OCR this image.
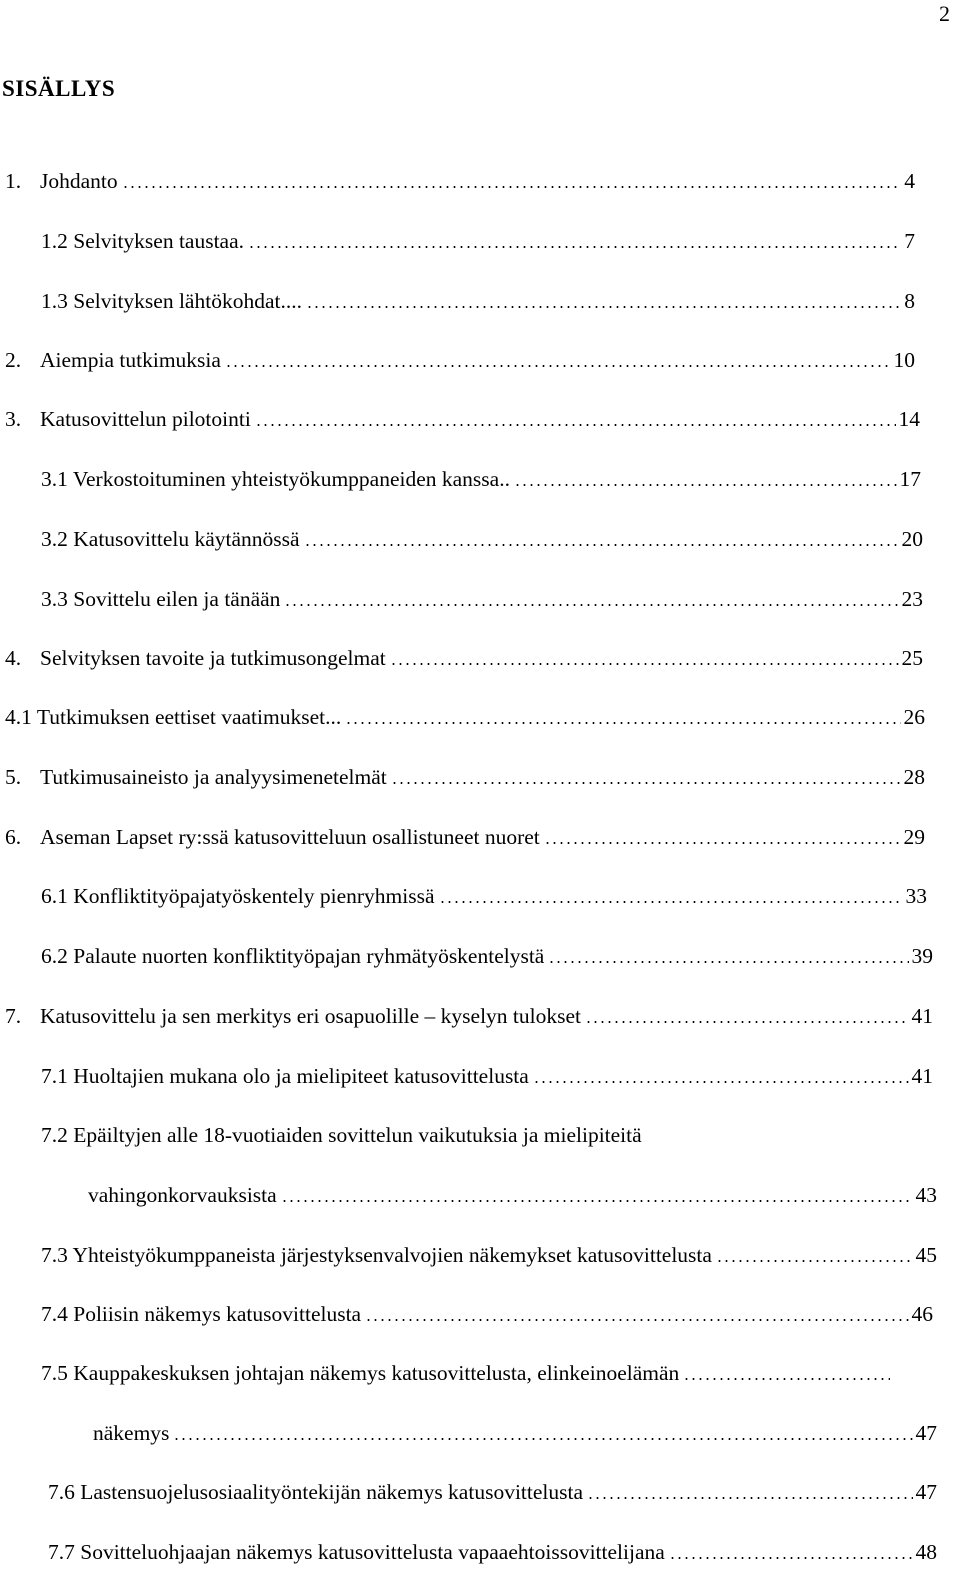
2
SISÄLLYS
1. Johdanto	4
1.2 Selvityksen taustaa.	7
1.3 Selvityksen lähtökohdat....	8
2. Aiempia tutkimuksia	10
3. Katusovittelun pilotointi	14
3.1 Verkostoituminen yhteistyökumppaneiden kanssa..	17
3.2 Katusovittelu käytännössä	20
3.3 Sovittelu eilen ja tänään	23
4. Selvityksen tavoite ja tutkimusongelmat	25
4.1 Tutkimuksen eettiset vaatimukset...	26
5. Tutkimusaineisto ja analyysimenetelmät	28
6. Aseman Lapset ry:ssä katusovitteluun osallistuneet nuoret	29
6.1 Konfliktityöpajatyöskentely pienryhmissä	33
6.2 Palaute nuorten konfliktityöpajan ryhmätyöskentelystä	39
7. Katusovittelu ja sen merkitys eri osapuolille – kyselyn tulokset	41
7.1 Huoltajien mukana olo ja mielipiteet katusovittelusta	41
7.2 Epäiltyjen alle 18-vuotiaiden sovittelun vaikutuksia ja mielipiteitä
vahingonkorvauksista	43
7.3 Yhteistyökumppaneista järjestyksenvalvojien näkemykset katusovittelusta	45
7.4 Poliisin näkemys katusovittelusta	46
7.5 Kauppakeskuksen johtajan näkemys katusovittelusta, elinkeinoelämän
näkemys	47
7.6 Lastensuojelusosiaalityöntekijän näkemys katusovittelusta	47
7.7 Sovitteluohjaajan näkemys katusovittelusta vapaaehtoissovittelijana	48
